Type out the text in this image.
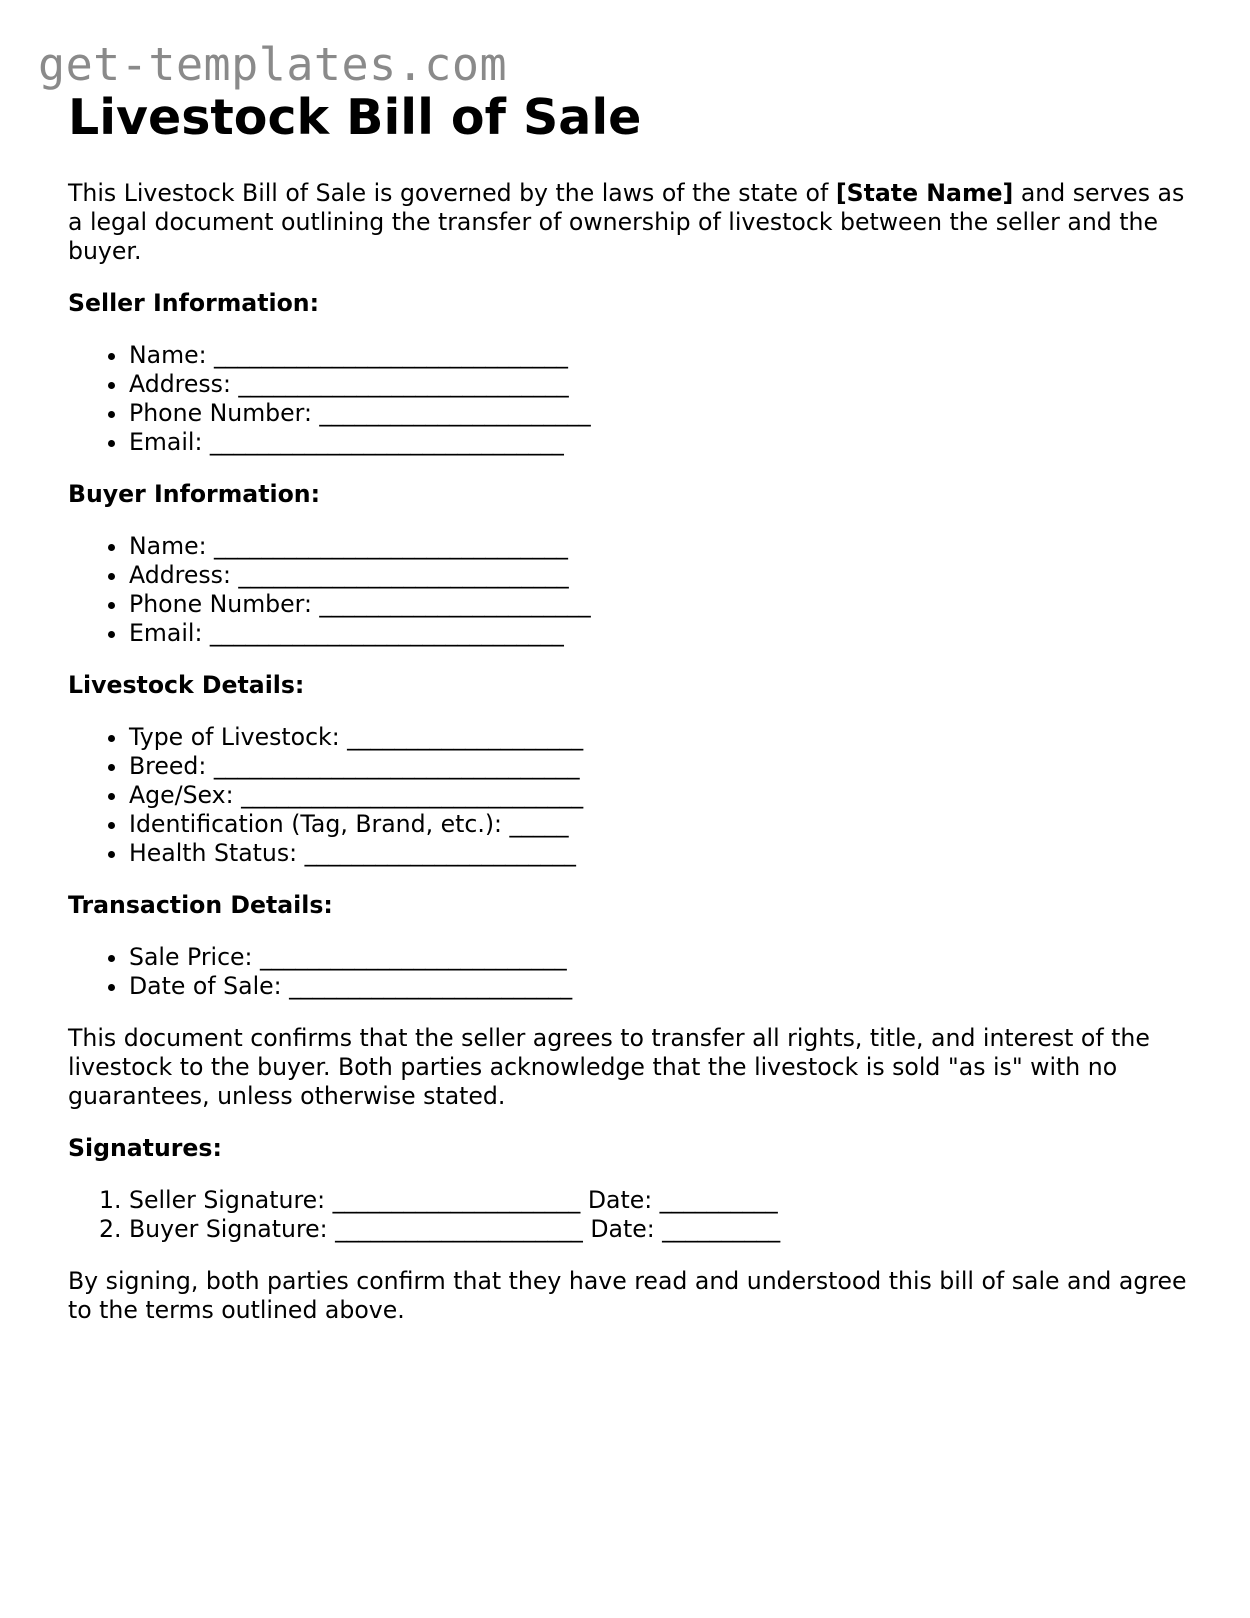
get-templates.com
Livestock Bill of Sale

This Livestock Bill of Sale is governed by the laws of the state of [State Name] and serves as a legal document outlining the transfer of ownership of livestock between the seller and the buyer.

Seller Information:
• Name: ______________________________
• Address: ____________________________
• Phone Number: _______________________
• Email: ______________________________
Buyer Information:
• Name: ______________________________
• Address: ____________________________
• Phone Number: _______________________
• Email: ______________________________
Livestock Details:
• Type of Livestock: ____________________
• Breed: _______________________________
• Age/Sex: _____________________________
• Identification (Tag, Brand, etc.): _____
• Health Status: _______________________
Transaction Details:
• Sale Price: __________________________
• Date of Sale: ________________________

This document confirms that the seller agrees to transfer all rights, title, and interest of the livestock to the buyer. Both parties acknowledge that the livestock is sold "as is" with no guarantees, unless otherwise stated.

Signatures:
1. Seller Signature: _____________________ Date: __________
2. Buyer Signature: _____________________ Date: __________

By signing, both parties confirm that they have read and understood this bill of sale and agree to the terms outlined above.
